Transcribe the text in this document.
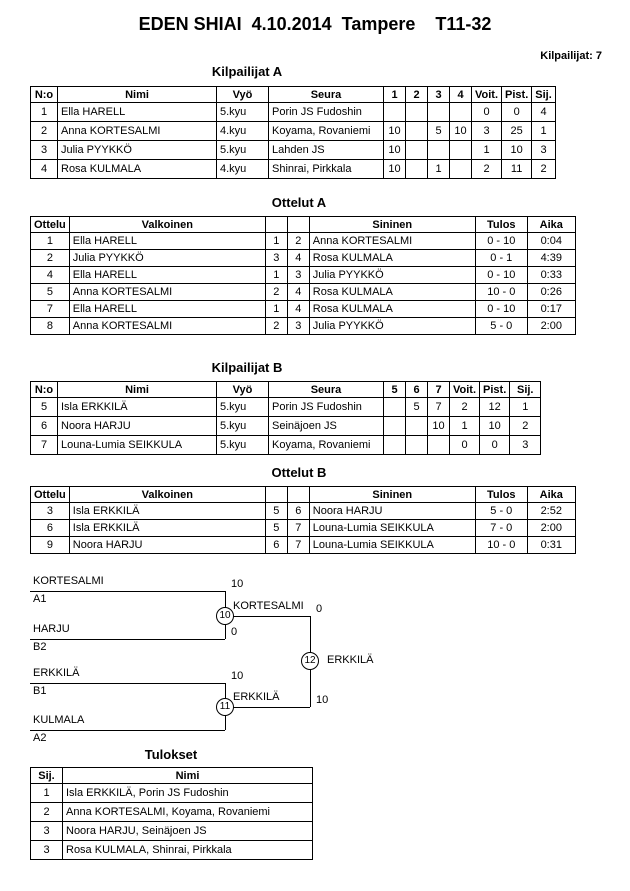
EDEN SHIAI  4.10.2014  Tampere    T11-32
Kilpailijat: 7
Kilpailijat A
N:o	Nimi	Vyö	Seura	1	2	3	4	Voit.	Pist.	Sij.
1	Ella HARELL	5.kyu	Porin JS Fudoshin					0	0	4
2	Anna KORTESALMI	4.kyu	Koyama, Rovaniemi	10		5	10	3	25	1
3	Julia PYYKKÖ	5.kyu	Lahden JS	10				1	10	3
4	Rosa KULMALA	4.kyu	Shinrai, Pirkkala	10		1		2	11	2
Ottelut A
Ottelu	Valkoinen			Sininen	Tulos	Aika
1	Ella HARELL	1	2	Anna KORTESALMI	0 - 10	0:04
2	Julia PYYKKÖ	3	4	Rosa KULMALA	0 - 1	4:39
4	Ella HARELL	1	3	Julia PYYKKÖ	0 - 10	0:33
5	Anna KORTESALMI	2	4	Rosa KULMALA	10 - 0	0:26
7	Ella HARELL	1	4	Rosa KULMALA	0 - 10	0:17
8	Anna KORTESALMI	2	3	Julia PYYKKÖ	5 - 0	2:00
Kilpailijat B
N:o	Nimi	Vyö	Seura	5	6	7	Voit.	Pist.	Sij.
5	Isla ERKKILÄ	5.kyu	Porin JS Fudoshin		5	7	2	12	1
6	Noora HARJU	5.kyu	Seinäjoen JS			10	1	10	2
7	Louna-Lumia SEIKKULA	5.kyu	Koyama, Rovaniemi				0	0	3
Ottelut B
Ottelu	Valkoinen			Sininen	Tulos	Aika
3	Isla ERKKILÄ	5	6	Noora HARJU	5 - 0	2:52
6	Isla ERKKILÄ	5	7	Louna-Lumia SEIKKULA	7 - 0	2:00
9	Noora HARJU	6	7	Louna-Lumia SEIKKULA	10 - 0	0:31
KORTESALMI
A1
10
HARJU
B2
0
KORTESALMI 0
10
12	ERKKILÄ
ERKKILÄ
B1
10
KULMALA
A2
ERKKILÄ	10
11
Tulokset
Sij.	Nimi
1	Isla ERKKILÄ, Porin JS Fudoshin
2	Anna KORTESALMI, Koyama, Rovaniemi
3	Noora HARJU, Seinäjoen JS
3	Rosa KULMALA, Shinrai, Pirkkala
